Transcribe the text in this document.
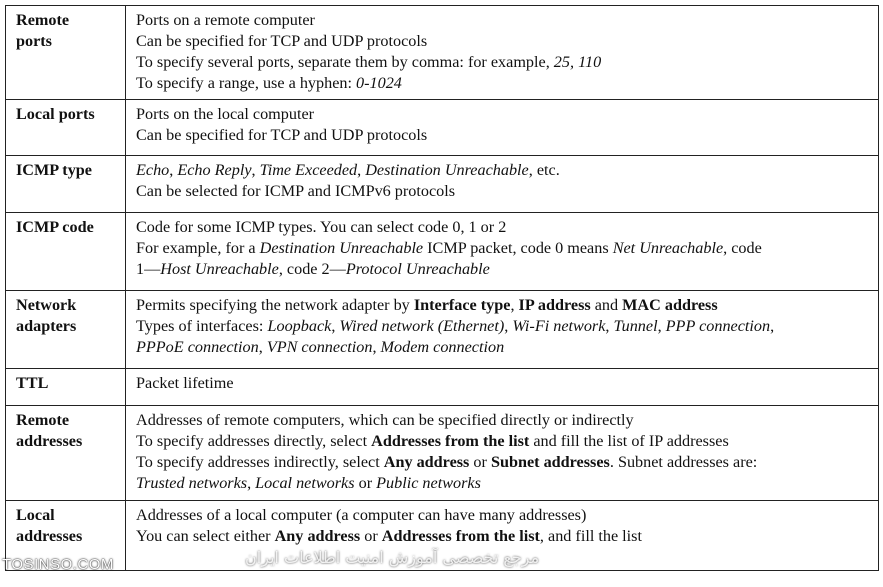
Remote
ports	Ports on a remote computer
Can be specified for TCP and UDP protocols
To specify several ports, separate them by comma: for example, 25, 110
To specify a range, use a hyphen: 0-1024

Local ports	Ports on the local computer
Can be specified for TCP and UDP protocols

ICMP type	Echo, Echo Reply, Time Exceeded, Destination Unreachable, etc.
Can be selected for ICMP and ICMPv6 protocols

ICMP code	Code for some ICMP types. You can select code 0, 1 or 2
For example, for a Destination Unreachable ICMP packet, code 0 means Net Unreachable, code
1—Host Unreachable, code 2—Protocol Unreachable

Network
adapters	Permits specifying the network adapter by Interface type, IP address and MAC address
Types of interfaces: Loopback, Wired network (Ethernet), Wi-Fi network, Tunnel, PPP connection,
PPPoE connection, VPN connection, Modem connection

TTL	Packet lifetime

Remote
addresses	Addresses of remote computers, which can be specified directly or indirectly
To specify addresses directly, select Addresses from the list and fill the list of IP addresses
To specify addresses indirectly, select Any address or Subnet addresses. Subnet addresses are:
Trusted networks, Local networks or Public networks

Local
addresses	Addresses of a local computer (a computer can have many addresses)
You can select either Any address or Addresses from the list, and fill the list
TOSINSO.COM	مرجع تخصصی آموزش امنیت اطلاعات ایران
